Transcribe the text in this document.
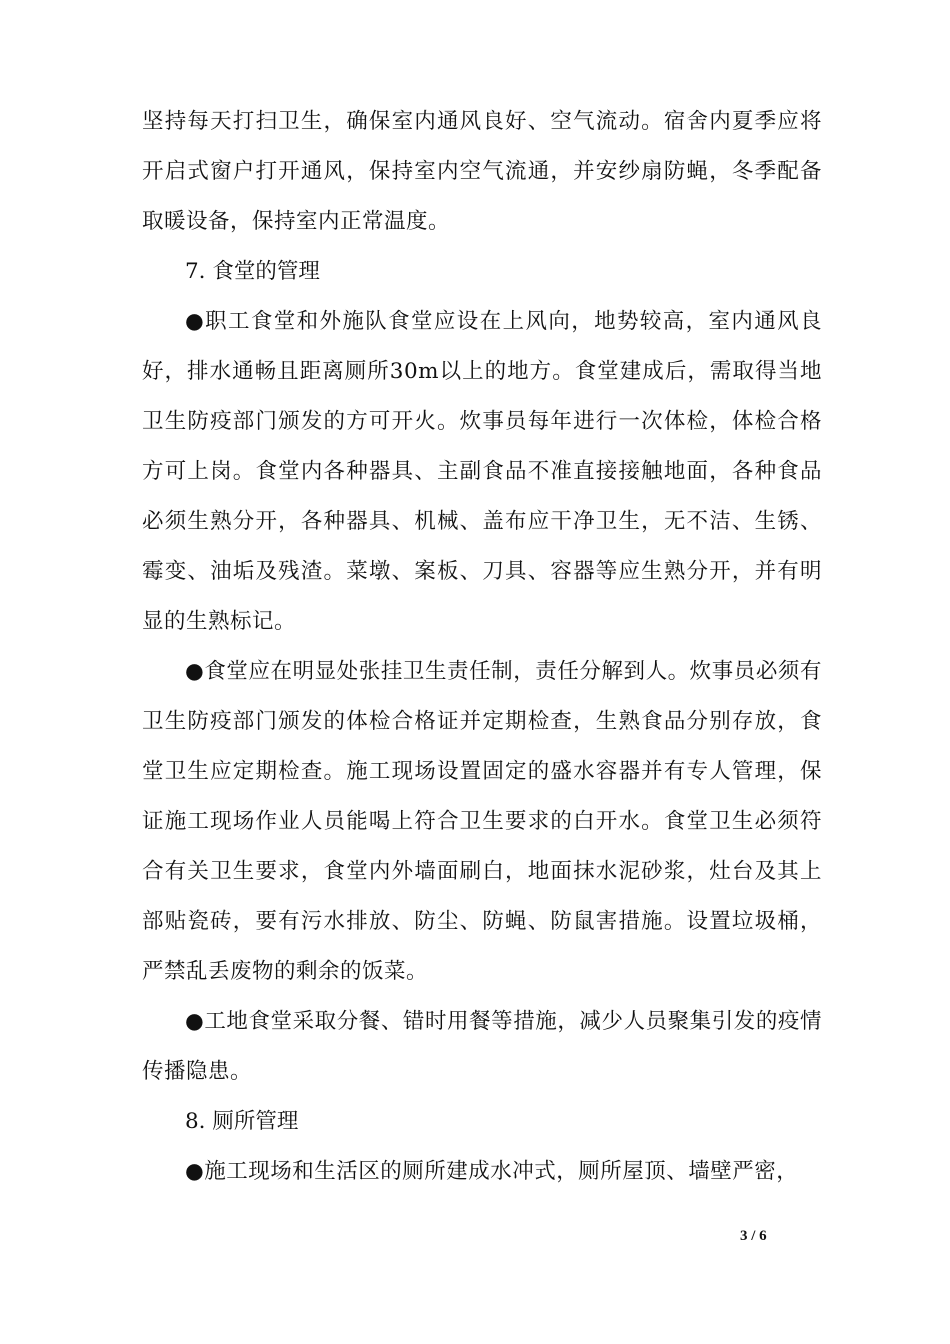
坚持每天打扫卫生，确保室内通风良好、空气流动。宿舍内夏季应将开启式窗户打开通风，保持室内空气流通，并安纱扇防蝇，冬季配备取暖设备，保持室内正常温度。

7. 食堂的管理

●职工食堂和外施队食堂应设在上风向，地势较高，室内通风良好，排水通畅且距离厕所30m以上的地方。食堂建成后，需取得当地卫生防疫部门颁发的方可开火。炊事员每年进行一次体检，体检合格方可上岗。食堂内各种器具、主副食品不准直接接触地面，各种食品必须生熟分开，各种器具、机械、盖布应干净卫生，无不洁、生锈、霉变、油垢及残渣。菜墩、案板、刀具、容器等应生熟分开，并有明显的生熟标记。

●食堂应在明显处张挂卫生责任制，责任分解到人。炊事员必须有卫生防疫部门颁发的体检合格证并定期检查，生熟食品分别存放，食堂卫生应定期检查。施工现场设置固定的盛水容器并有专人管理，保证施工现场作业人员能喝上符合卫生要求的白开水。食堂卫生必须符合有关卫生要求，食堂内外墙面刷白，地面抹水泥砂浆，灶台及其上部贴瓷砖，要有污水排放、防尘、防蝇、防鼠害措施。设置垃圾桶，严禁乱丢废物的剩余的饭菜。

●工地食堂采取分餐、错时用餐等措施，减少人员聚集引发的疫情传播隐患。

8. 厕所管理

●施工现场和生活区的厕所建成水冲式，厕所屋顶、墙壁严密，

3 / 6
